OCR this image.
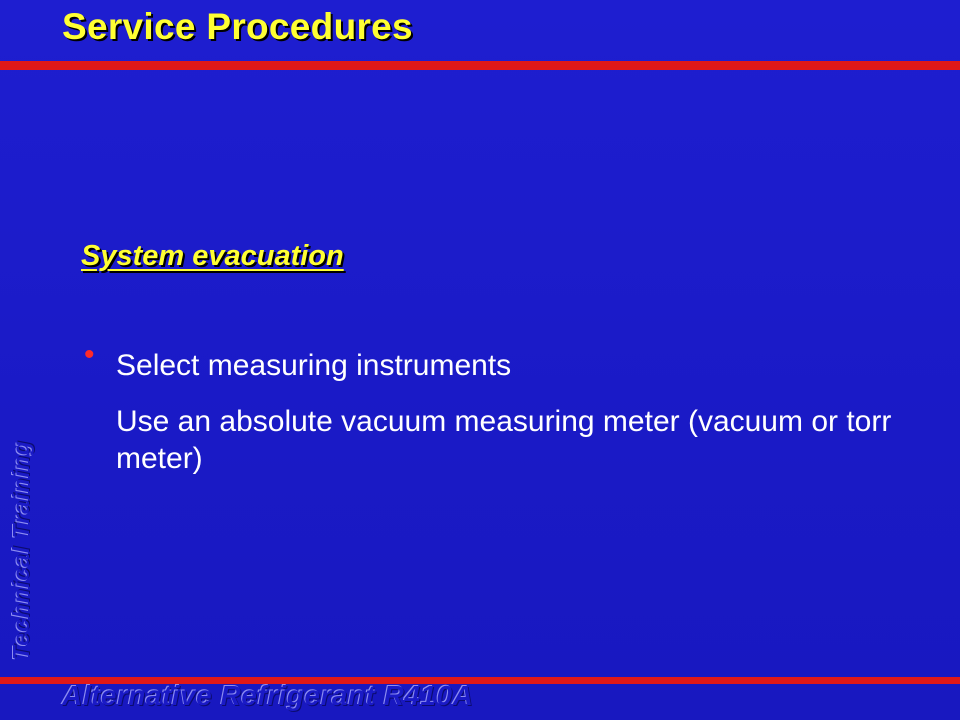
Service Procedures
System evacuation
• Select measuring instruments
Use an absolute vacuum measuring meter (vacuum or torr meter)
Technical Training
Alternative Refrigerant R410A
